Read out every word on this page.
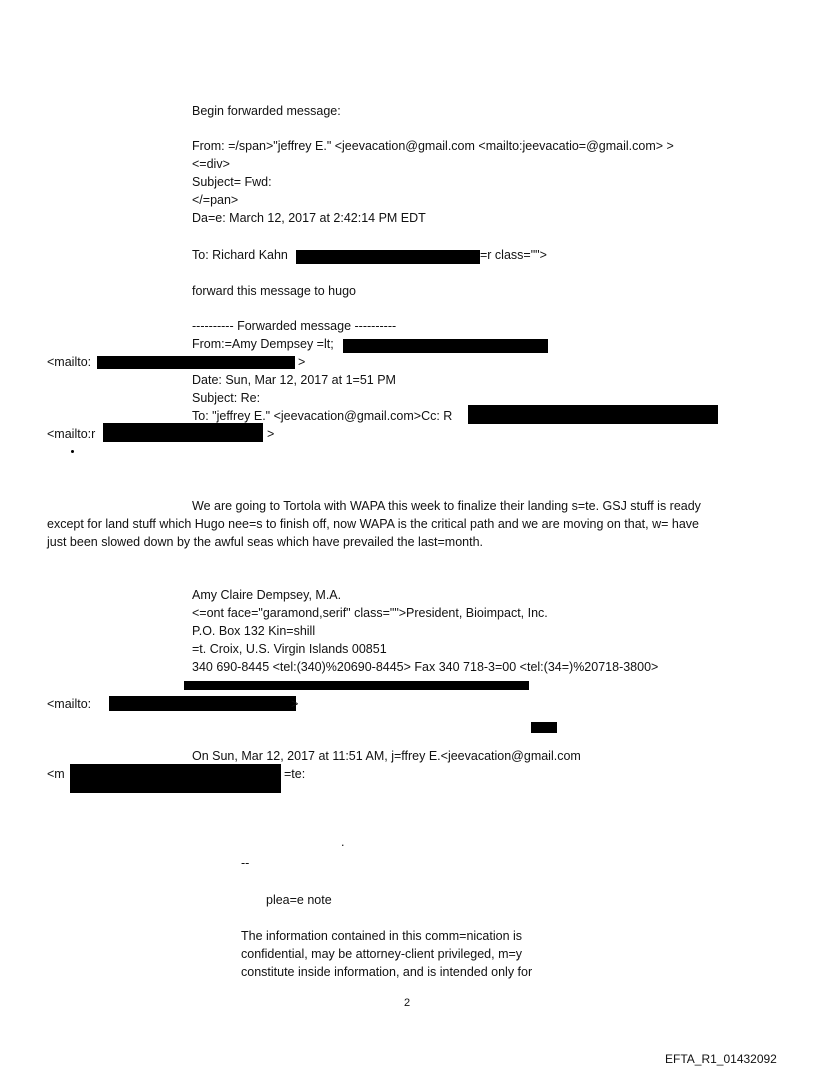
Begin forwarded message:
From: =/span>"jeffrey E." <jeevacation@gmail.com <mailto:jeevacatio=@gmail.com> >
<=div>
Subject= Fwd:
</=pan>
Da=e: March 12, 2017 at 2:42:14 PM EDT
To: Richard Kahn	=r class="">
forward this message to hugo
---------- Forwarded message ----------
From:=Amy Dempsey =lt;
<mailto:	>
Date: Sun, Mar 12, 2017 at 1=51 PM
Subject: Re:
To: "jeffrey E." <jeevacation@gmail.com>Cc: R
<mailto:r	>
We are going to Tortola with WAPA this week to finalize their landing s=te. GSJ stuff is ready
except for land stuff which Hugo nee=s to finish off, now WAPA is the critical path and we are moving on that, w= have
just been slowed down by the awful seas which have prevailed the last=month.
Amy Claire Dempsey, M.A.
<=ont face="garamond,serif" class="">President, Bioimpact, Inc.
P.O. Box 132 Kin=shill
=t. Croix, U.S. Virgin Islands 00851
340 690-8445 <tel:(340)%20690-8445> Fax 340 718-3=00 <tel:(34=)%20718-3800>
<mailto:	>
On Sun, Mar 12, 2017 at 11:51 AM, j=ffrey E.<jeevacation@gmail.com
<m	=te:
.
--
plea=e note
The information contained in this comm=nication is
confidential, may be attorney-client privileged, m=y
constitute inside information, and is intended only for
2
EFTA_R1_01432092
